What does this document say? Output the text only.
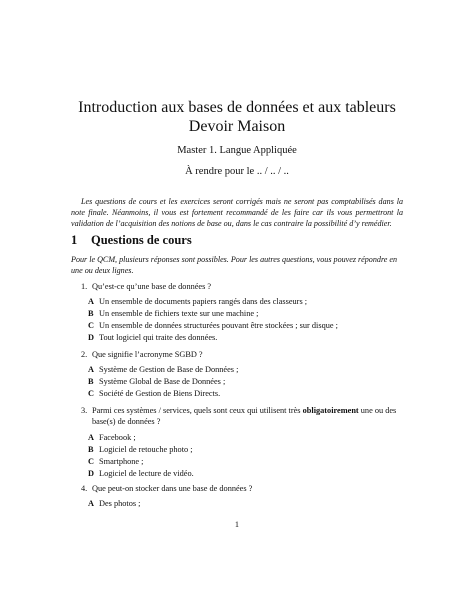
Introduction aux bases de données et aux tableurs
Devoir Maison
Master 1. Langue Appliquée
À rendre pour le .. / .. / ..
Les questions de cours et les exercices seront corrigés mais ne seront pas comptabilisés dans la note finale. Néanmoins, il vous est fortement recommandé de les faire car ils vous permettront la validation de l’acquisition des notions de base ou, dans le cas contraire la possibilité d’y remédier.
1 Questions de cours
Pour le QCM, plusieurs réponses sont possibles. Pour les autres questions, vous pouvez répondre en une ou deux lignes.
1. Qu’est-ce qu’une base de données ?
A Un ensemble de documents papiers rangés dans des classeurs ;
B Un ensemble de fichiers texte sur une machine ;
C Un ensemble de données structurées pouvant être stockées ; sur disque ;
D Tout logiciel qui traite des données.
2. Que signifie l’acronyme SGBD ?
A Système de Gestion de Base de Données ;
B Système Global de Base de Données ;
C Société de Gestion de Biens Directs.
3. Parmi ces systèmes / services, quels sont ceux qui utilisent très obligatoirement une ou des base(s) de données ?
A Facebook ;
B Logiciel de retouche photo ;
C Smartphone ;
D Logiciel de lecture de vidéo.
4. Que peut-on stocker dans une base de données ?
A Des photos ;
1
